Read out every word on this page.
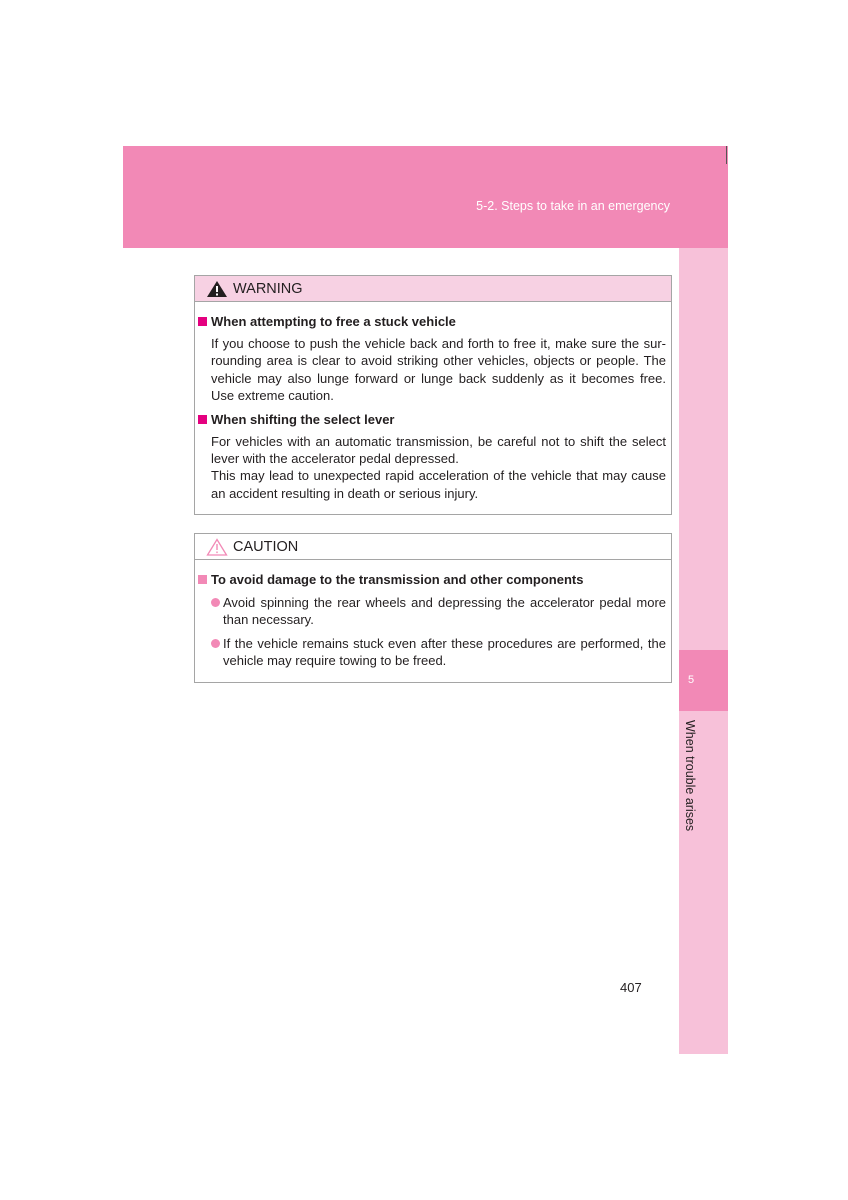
5-2. Steps to take in an emergency
5
When trouble arises
WARNING
When attempting to free a stuck vehicle

If you choose to push the vehicle back and forth to free it, make sure the sur-rounding area is clear to avoid striking other vehicles, objects or people. The vehicle may also lunge forward or lunge back suddenly as it becomes free. Use extreme caution.

When shifting the select lever

For vehicles with an automatic transmission, be careful not to shift the select lever with the accelerator pedal depressed.

This may lead to unexpected rapid acceleration of the vehicle that may cause an accident resulting in death or serious injury.

CAUTION
To avoid damage to the transmission and other components
Avoid spinning the rear wheels and depressing the accelerator pedal more than necessary.
If the vehicle remains stuck even after these procedures are performed, the vehicle may require towing to be freed.
407
